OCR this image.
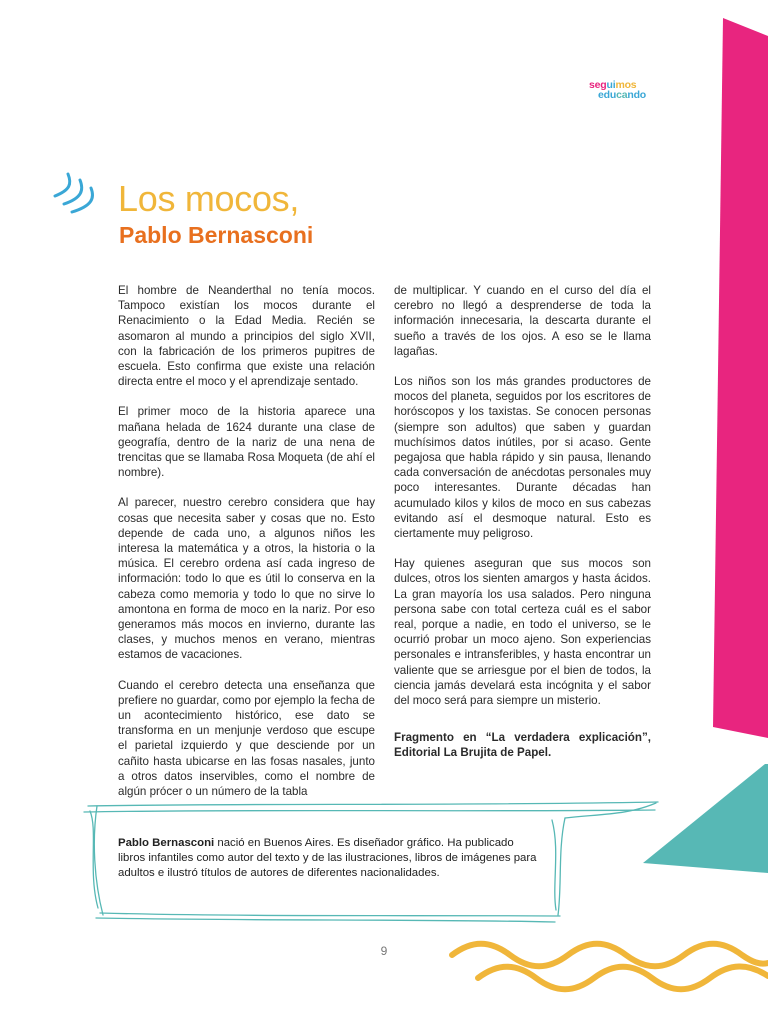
seguimos
educando
Los mocos,
Pablo Bernasconi

El hombre de Neanderthal no tenía mocos. Tampoco existían los mocos durante el Renacimiento o la Edad Media. Recién se asomaron al mundo a principios del siglo XVII, con la fabricación de los primeros pupitres de escuela. Esto confirma que existe una relación directa entre el moco y el aprendizaje sentado.

El primer moco de la historia aparece una mañana helada de 1624 durante una clase de geografía, dentro de la nariz de una nena de trencitas que se llamaba Rosa Moqueta (de ahí el nombre).

Al parecer, nuestro cerebro considera que hay cosas que necesita saber y cosas que no. Esto depende de cada uno, a algunos niños les interesa la matemática y a otros, la historia o la música. El cerebro ordena así cada ingreso de información: todo lo que es útil lo conserva en la cabeza como memoria y todo lo que no sirve lo amontona en forma de moco en la nariz. Por eso generamos más mocos en invierno, durante las clases, y muchos menos en verano, mientras estamos de vacaciones.

Cuando el cerebro detecta una enseñanza que prefiere no guardar, como por ejemplo la fecha de un acontecimiento histórico, ese dato se transforma en un menjunje verdoso que escupe el parietal izquierdo y que desciende por un cañito hasta ubicarse en las fosas nasales, junto a otros datos inservibles, como el nombre de algún prócer o un número de la tabla

de multiplicar. Y cuando en el curso del día el cerebro no llegó a desprenderse de toda la información innecesaria, la descarta durante el sueño a través de los ojos. A eso se le llama lagañas.

Los niños son los más grandes productores de mocos del planeta, seguidos por los escritores de horóscopos y los taxistas. Se conocen personas (siempre son adultos) que saben y guardan muchísimos datos inútiles, por si acaso. Gente pegajosa que habla rápido y sin pausa, llenando cada conversación de anécdotas personales muy poco interesantes. Durante décadas han acumulado kilos y kilos de moco en sus cabezas evitando así el desmoque natural. Esto es ciertamente muy peligroso.

Hay quienes aseguran que sus mocos son dulces, otros los sienten amargos y hasta ácidos. La gran mayoría los usa salados. Pero ninguna persona sabe con total certeza cuál es el sabor real, porque a nadie, en todo el universo, se le ocurrió probar un moco ajeno. Son experiencias personales e intransferibles, y hasta encontrar un valiente que se arriesgue por el bien de todos, la ciencia jamás develará esta incógnita y el sabor del moco será para siempre un misterio.

Fragmento en “La verdadera explicación”, Editorial La Brujita de Papel.

Pablo Bernasconi nació en Buenos Aires. Es diseñador gráfico. Ha publicado libros infantiles como autor del texto y de las ilustraciones, libros de imágenes para adultos e ilustró títulos de autores de diferentes nacionalidades.
9
